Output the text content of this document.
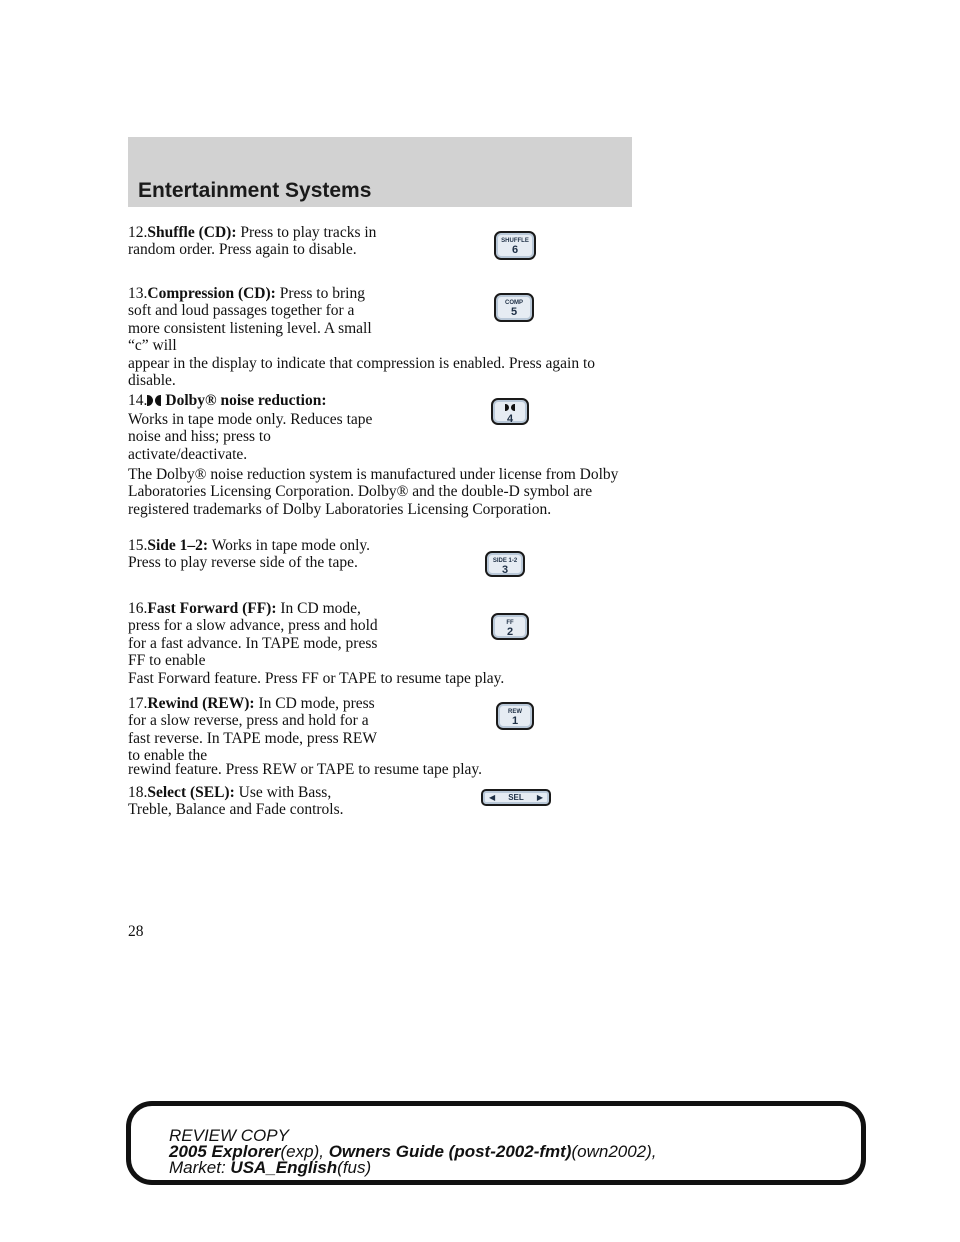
Entertainment Systems

12.Shuffle (CD): Press to play tracks in random order. Press again to disable.

SHUFFLE
6

13.Compression (CD): Press to bring soft and loud passages together for a more consistent listening level. A small “c” will

appear in the display to indicate that compression is enabled. Press again to disable.

COMP
5

14. Dolby® noise reduction:

Works in tape mode only. Reduces tape noise and hiss; press to activate/deactivate.

4

The Dolby® noise reduction system is manufactured under license from Dolby Laboratories Licensing Corporation. Dolby® and the double-D symbol are registered trademarks of Dolby Laboratories Licensing Corporation.

15.Side 1–2: Works in tape mode only. Press to play reverse side of the tape.	SIDE 1-2
3

16.Fast Forward (FF): In CD mode, press for a slow advance, press and hold for a fast advance. In TAPE mode, press FF to enable

Fast Forward feature. Press FF or TAPE to resume tape play.

FF
2

17.Rewind (REW): In CD mode, press for a slow reverse, press and hold for a fast reverse. In TAPE mode, press REW to enable the

rewind feature. Press REW or TAPE to resume tape play.

REW
1

18.Select (SEL): Use with Bass, Treble, Balance and Fade controls.

◀ SEL ▶
28
REVIEW COPY
2005 Explorer(exp), Owners Guide (post-2002-fmt)(own2002),
Market: USA_English(fus)
